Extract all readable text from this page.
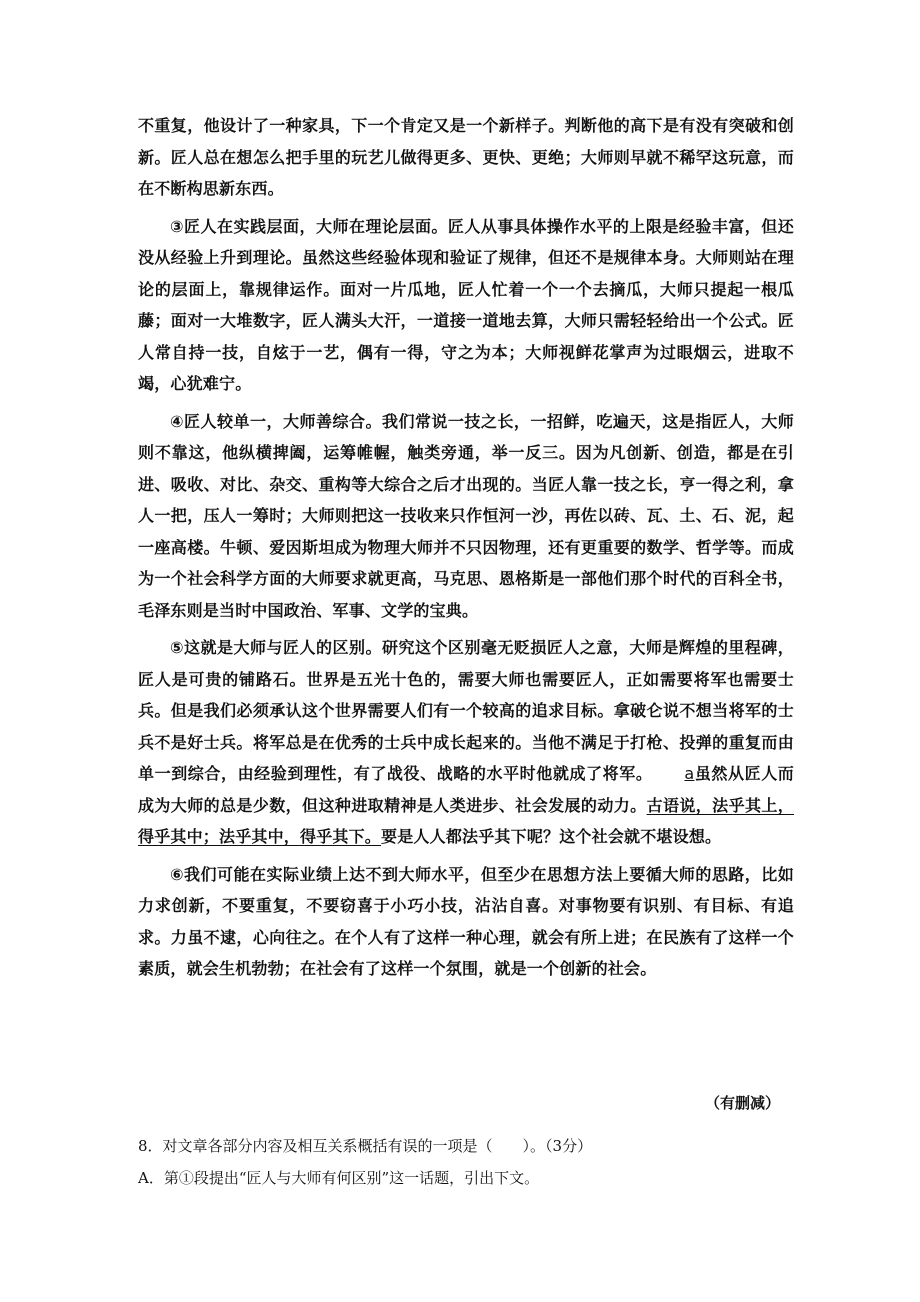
不重复，他设计了一种家具，下一个肯定又是一个新样子。判断他的高下是有没有突破和创新。匠人总在想怎么把手里的玩艺儿做得更多、更快、更绝；大师则早就不稀罕这玩意，而在不断构思新东西。

③匠人在实践层面，大师在理论层面。匠人从事具体操作水平的上限是经验丰富，但还没从经验上升到理论。虽然这些经验体现和验证了规律，但还不是规律本身。大师则站在理论的层面上，靠规律运作。面对一片瓜地，匠人忙着一个一个去摘瓜，大师只提起一根瓜藤；面对一大堆数字，匠人满头大汗，一道接一道地去算，大师只需轻轻给出一个公式。匠人常自持一技，自炫于一艺，偶有一得，守之为本；大师视鲜花掌声为过眼烟云，进取不竭，心犹难宁。

④匠人较单一，大师善综合。我们常说一技之长，一招鲜，吃遍天，这是指匠人，大师则不靠这，他纵横捭阖，运筹帷幄，触类旁通，举一反三。因为凡创新、创造，都是在引进、吸收、对比、杂交、重构等大综合之后才出现的。当匠人靠一技之长，亨一得之利，拿人一把，压人一筹时；大师则把这一技收来只作恒河一沙，再佐以砖、瓦、土、石、泥，起一座高楼。牛顿、爱因斯坦成为物理大师并不只因物理，还有更重要的数学、哲学等。而成为一个社会科学方面的大师要求就更高，马克思、恩格斯是一部他们那个时代的百科全书，毛泽东则是当时中国政治、军事、文学的宝典。

⑤这就是大师与匠人的区别。研究这个区别毫无贬损匠人之意，大师是辉煌的里程碑，匠人是可贵的铺路石。世界是五光十色的，需要大师也需要匠人，正如需要将军也需要士兵。但是我们必须承认这个世界需要人们有一个较高的追求目标。拿破仑说不想当将军的士兵不是好士兵。将军总是在优秀的士兵中成长起来的。当他不满足于打枪、投弹的重复而由单一到综合，由经验到理性，有了战役、战略的水平时他就成了将军。 a虽然从匠人而成为大师的总是少数，但这种进取精神是人类进步、社会发展的动力。古语说，法乎其上，得乎其中；法乎其中，得乎其下。要是人人都法乎其下呢？这个社会就不堪设想。

⑥我们可能在实际业绩上达不到大师水平，但至少在思想方法上要循大师的思路，比如力求创新，不要重复，不要窃喜于小巧小技，沾沾自喜。对事物要有识别、有目标、有追求。力虽不逮，心向往之。在个人有了这样一种心理，就会有所上进；在民族有了这样一个素质，就会生机勃勃；在社会有了这样一个氛围，就是一个创新的社会。

（有删减）

8．对文章各部分内容及相互关系概括有误的一项是（　　）。（3分）

A．第①段提出“匠人与大师有何区别”这一话题，引出下文。
